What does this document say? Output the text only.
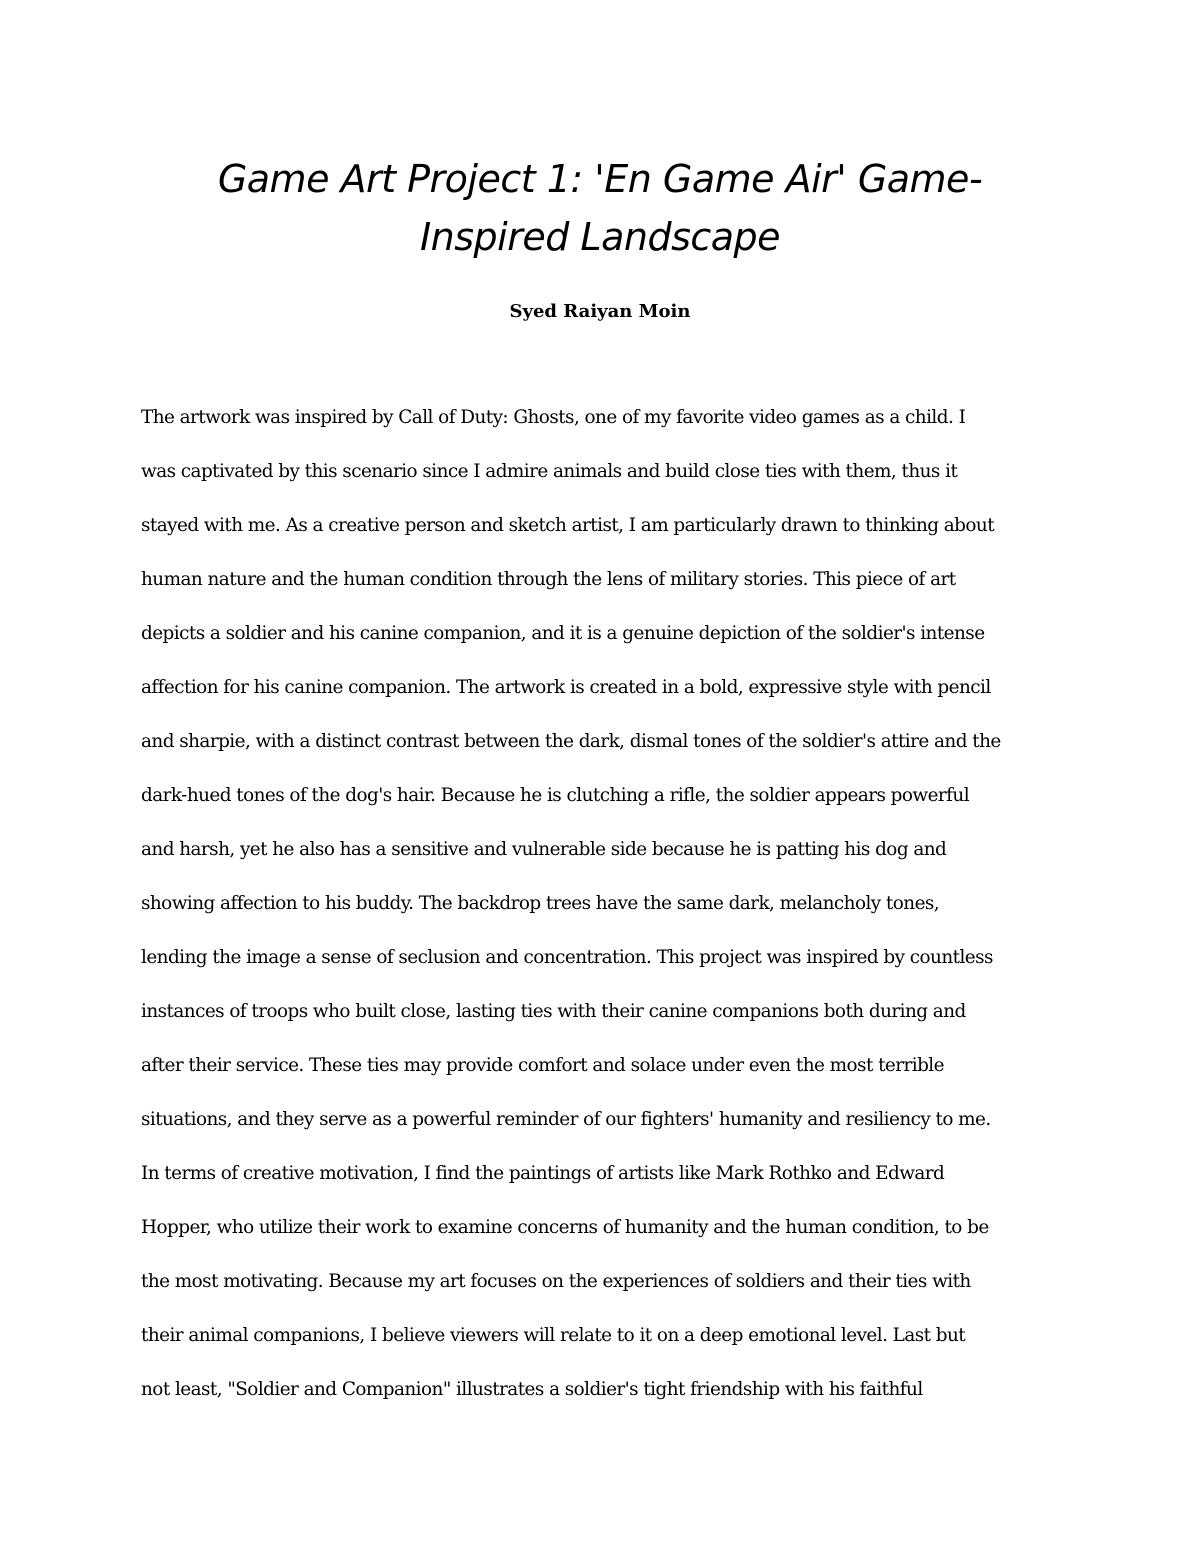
Game Art Project 1: 'En Game Air' Game-
Inspired Landscape
Syed Raiyan Moin
The artwork was inspired by Call of Duty: Ghosts, one of my favorite video games as a child. I
was captivated by this scenario since I admire animals and build close ties with them, thus it
stayed with me. As a creative person and sketch artist, I am particularly drawn to thinking about
human nature and the human condition through the lens of military stories. This piece of art
depicts a soldier and his canine companion, and it is a genuine depiction of the soldier's intense
affection for his canine companion. The artwork is created in a bold, expressive style with pencil
and sharpie, with a distinct contrast between the dark, dismal tones of the soldier's attire and the
dark-hued tones of the dog's hair. Because he is clutching a rifle, the soldier appears powerful
and harsh, yet he also has a sensitive and vulnerable side because he is patting his dog and
showing affection to his buddy. The backdrop trees have the same dark, melancholy tones,
lending the image a sense of seclusion and concentration. This project was inspired by countless
instances of troops who built close, lasting ties with their canine companions both during and
after their service. These ties may provide comfort and solace under even the most terrible
situations, and they serve as a powerful reminder of our fighters' humanity and resiliency to me.
In terms of creative motivation, I find the paintings of artists like Mark Rothko and Edward
Hopper, who utilize their work to examine concerns of humanity and the human condition, to be
the most motivating. Because my art focuses on the experiences of soldiers and their ties with
their animal companions, I believe viewers will relate to it on a deep emotional level. Last but
not least, "Soldier and Companion" illustrates a soldier's tight friendship with his faithful
